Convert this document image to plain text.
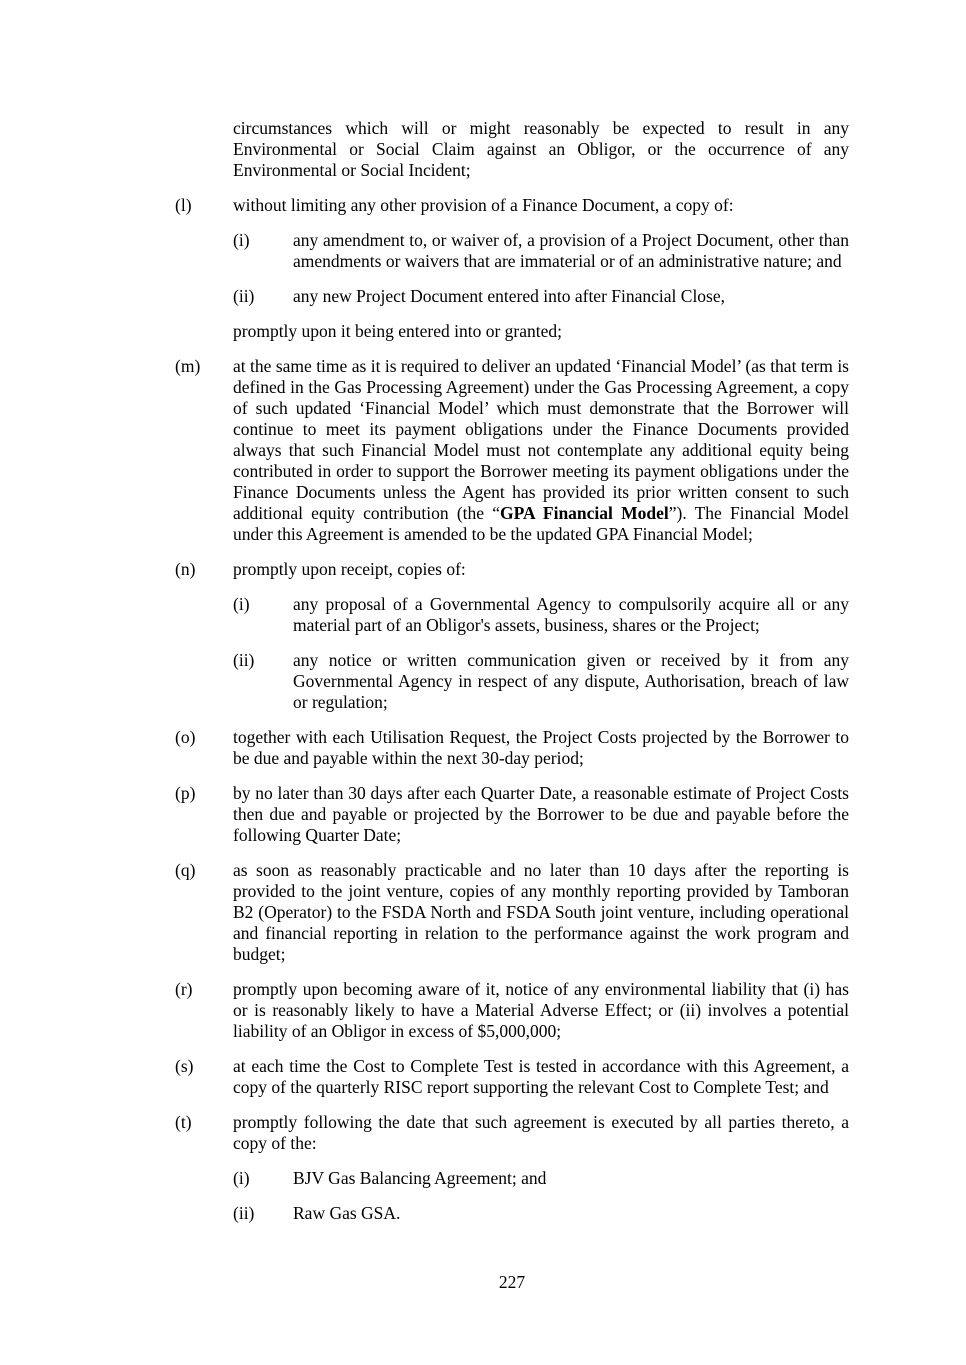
circumstances which will or might reasonably be expected to result in any Environmental or Social Claim against an Obligor, or the occurrence of any Environmental or Social Incident;
(l)	without limiting any other provision of a Finance Document, a copy of:
(i)	any amendment to, or waiver of, a provision of a Project Document, other than amendments or waivers that are immaterial or of an administrative nature; and
(ii)	any new Project Document entered into after Financial Close,
promptly upon it being entered into or granted;
(m)	at the same time as it is required to deliver an updated ‘Financial Model’ (as that term is defined in the Gas Processing Agreement) under the Gas Processing Agreement, a copy of such updated ‘Financial Model’ which must demonstrate that the Borrower will continue to meet its payment obligations under the Finance Documents provided always that such Financial Model must not contemplate any additional equity being contributed in order to support the Borrower meeting its payment obligations under the Finance Documents unless the Agent has provided its prior written consent to such additional equity contribution (the “GPA Financial Model”). The Financial Model under this Agreement is amended to be the updated GPA Financial Model;
(n)	promptly upon receipt, copies of:
(i)	any proposal of a Governmental Agency to compulsorily acquire all or any material part of an Obligor's assets, business, shares or the Project;
(ii)	any notice or written communication given or received by it from any Governmental Agency in respect of any dispute, Authorisation, breach of law or regulation;
(o)	together with each Utilisation Request, the Project Costs projected by the Borrower to be due and payable within the next 30-day period;
(p)	by no later than 30 days after each Quarter Date, a reasonable estimate of Project Costs then due and payable or projected by the Borrower to be due and payable before the following Quarter Date;
(q)	as soon as reasonably practicable and no later than 10 days after the reporting is provided to the joint venture, copies of any monthly reporting provided by Tamboran B2 (Operator) to the FSDA North and FSDA South joint venture, including operational and financial reporting in relation to the performance against the work program and budget;
(r)	promptly upon becoming aware of it, notice of any environmental liability that (i) has or is reasonably likely to have a Material Adverse Effect; or (ii) involves a potential liability of an Obligor in excess of $5,000,000;
(s)	at each time the Cost to Complete Test is tested in accordance with this Agreement, a copy of the quarterly RISC report supporting the relevant Cost to Complete Test; and
(t)	promptly following the date that such agreement is executed by all parties thereto, a copy of the:
(i)	BJV Gas Balancing Agreement; and
(ii)	Raw Gas GSA.
227
